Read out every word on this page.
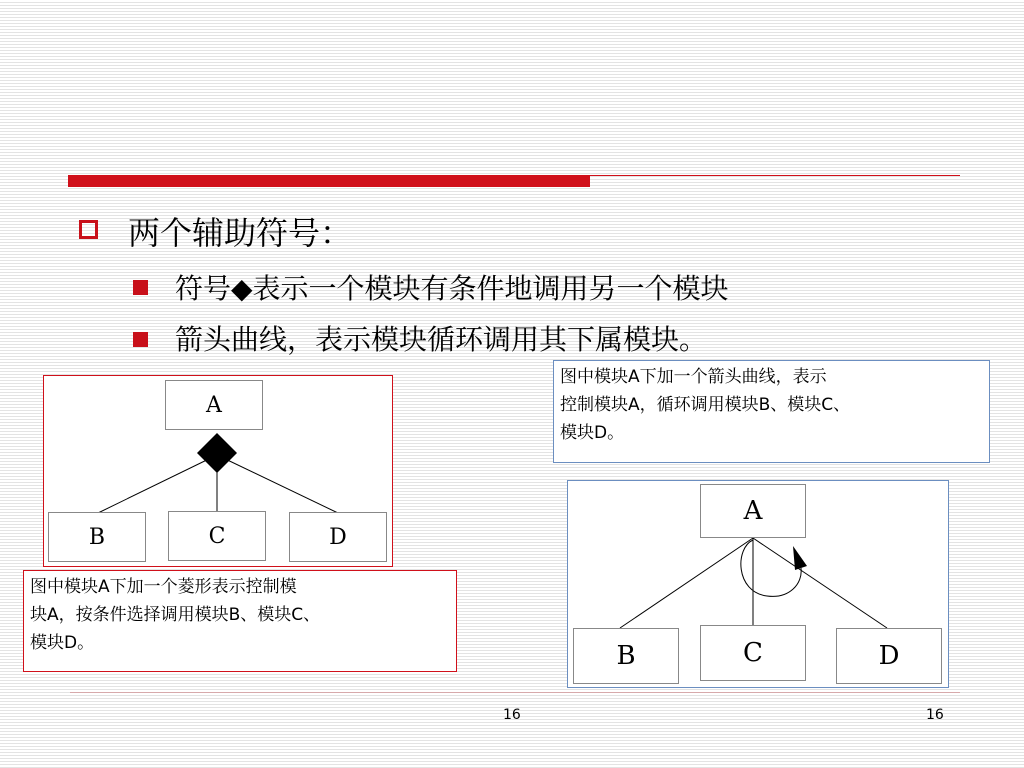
两个辅助符号：
符号◆表示一个模块有条件地调用另一个模块
箭头曲线，表示模块循环调用其下属模块。
A
B	C	D
图中模块A下加一个菱形表示控制模
块A，按条件选择调用模块B、模块C、
模块D。
图中模块A下加一个箭头曲线，表示
控制模块A，循环调用模块B、模块C、
模块D。
A
B	C	D
16	16
